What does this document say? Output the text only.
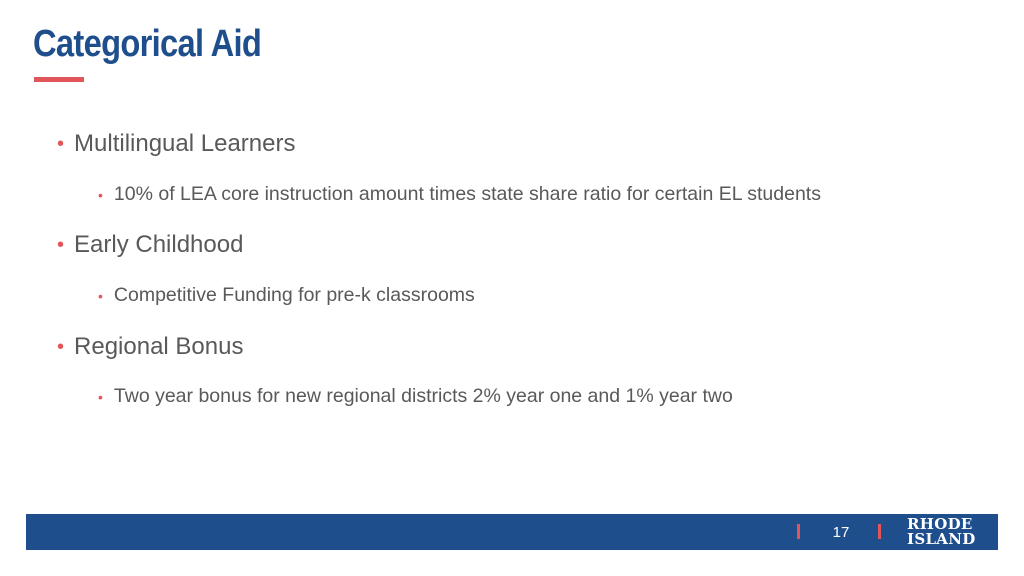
Categorical Aid
• Multilingual Learners
• 10% of LEA core instruction amount times state share ratio for certain EL students
• Early Childhood
• Competitive Funding for pre-k classrooms
• Regional Bonus
• Two year bonus for new regional districts 2% year one and 1% year two
17	RHODE
ISLAND
